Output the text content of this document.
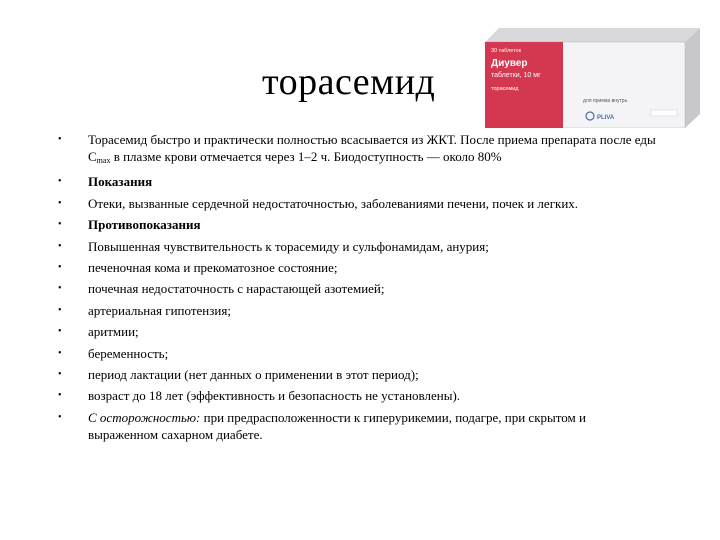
торасемид
30 таблеток
Диувер
таблетки, 10 мг
торасемид
для приема внутрь
PLIVA
• Торасемид быстро и практически полностью всасывается из ЖКТ. После приема препарата после еды $C_{max}$ в плазме крови отмечается через 1–2 ч. Биодоступность — около 80%
• Показания
• Отеки, вызванные сердечной недостаточностью, заболеваниями печени, почек и легких.
• Противопоказания
• Повышенная чувствительность к торасемиду и сульфонамидам, анурия;
• печеночная кома и прекоматозное состояние;
• почечная недостаточность с нарастающей азотемией;
• артериальная гипотензия;
• аритмии;
• беременность;
• период лактации (нет данных о применении в этот период);
• возраст до 18 лет (эффективность и безопасность не установлены).
• С осторожностью: при предрасположенности к гиперурикемии, подагре, при скрытом и выраженном сахарном диабете.
